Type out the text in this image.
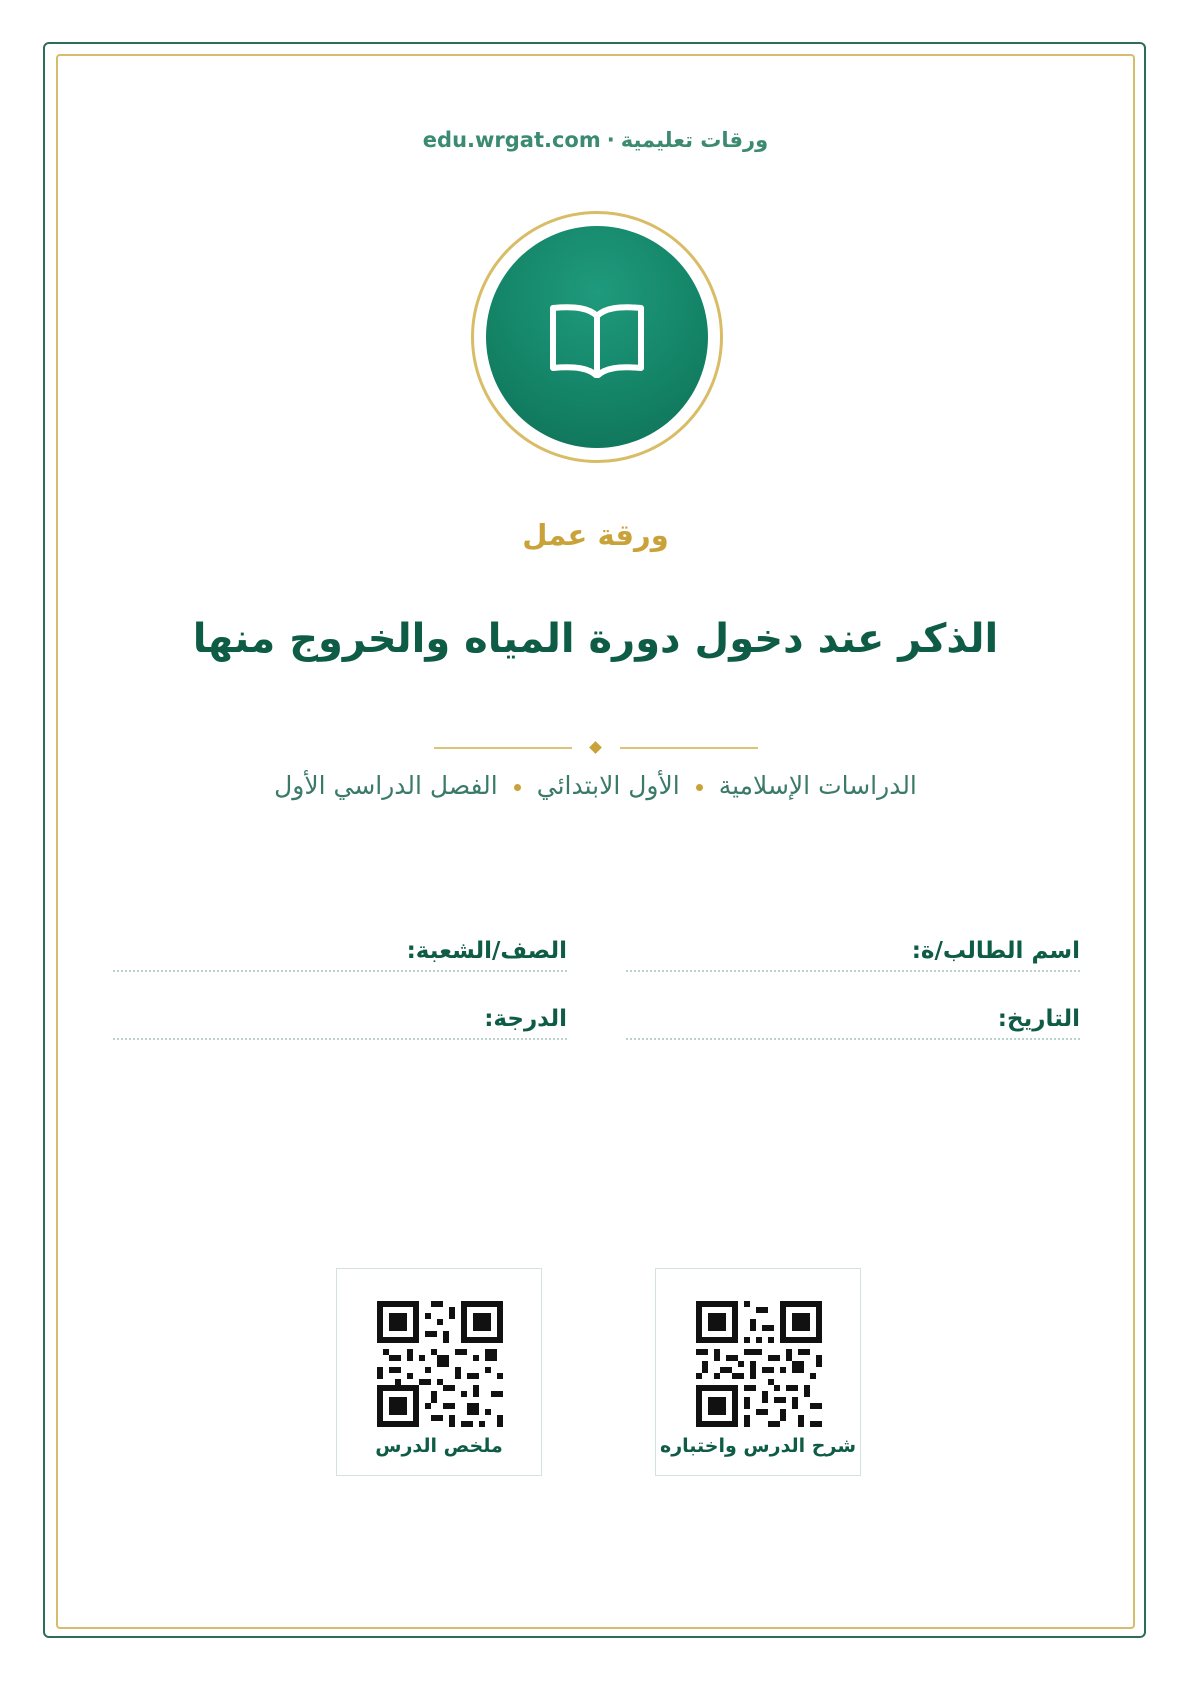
ورقات تعليمية·edu.wrgat.com
ورقة عمل
الذكر عند دخول دورة المياه والخروج منها
الدراسات الإسلاميةالأول الابتدائيالفصل الدراسي الأول
اسم الطالب/ة:
الصف/الشعبة:
التاريخ:
الدرجة:
شرح الدرس واختباره
ملخص الدرس
